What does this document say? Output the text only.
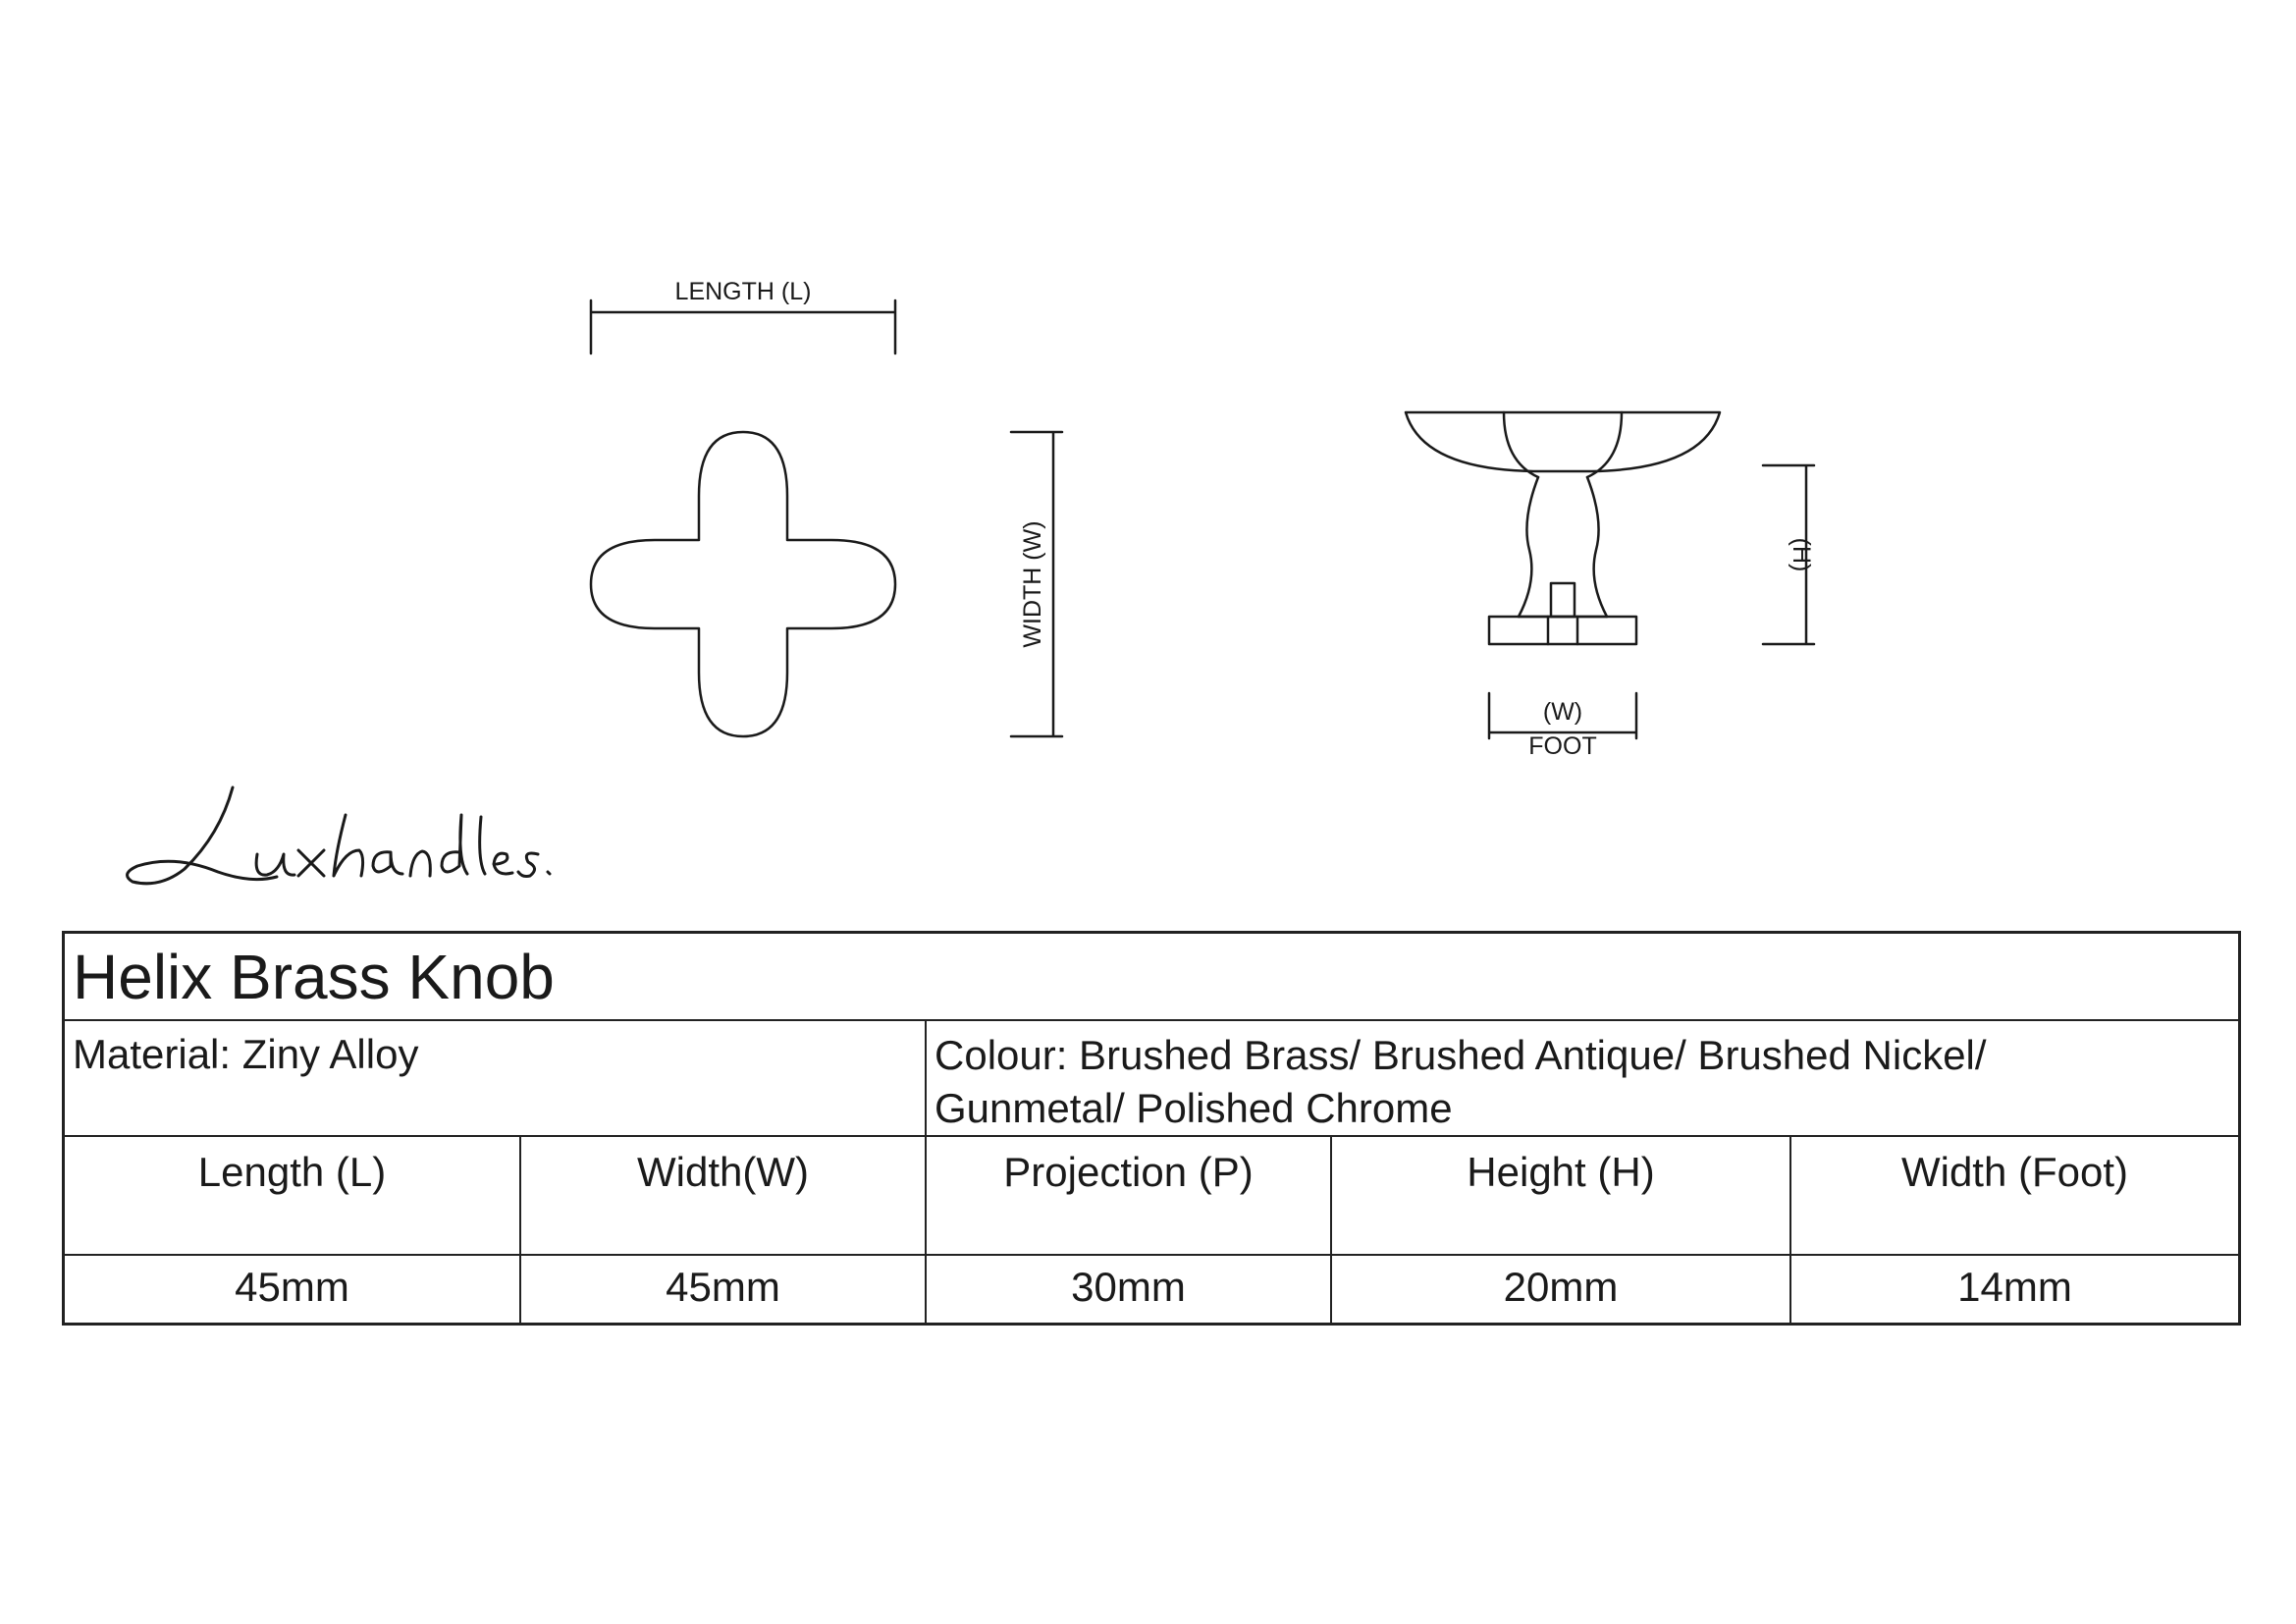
LENGTH (L)
WIDTH (W)	(H)
(W)
FOOT
Helix Brass Knob
Material: Ziny Alloy	Colour: Brushed Brass/ Brushed Antique/ Brushed Nickel/
Gunmetal/ Polished Chrome
Length (L)	Width(W)	Projection (P)	Height (H)	Width (Foot)
45mm	45mm	30mm	20mm	14mm
